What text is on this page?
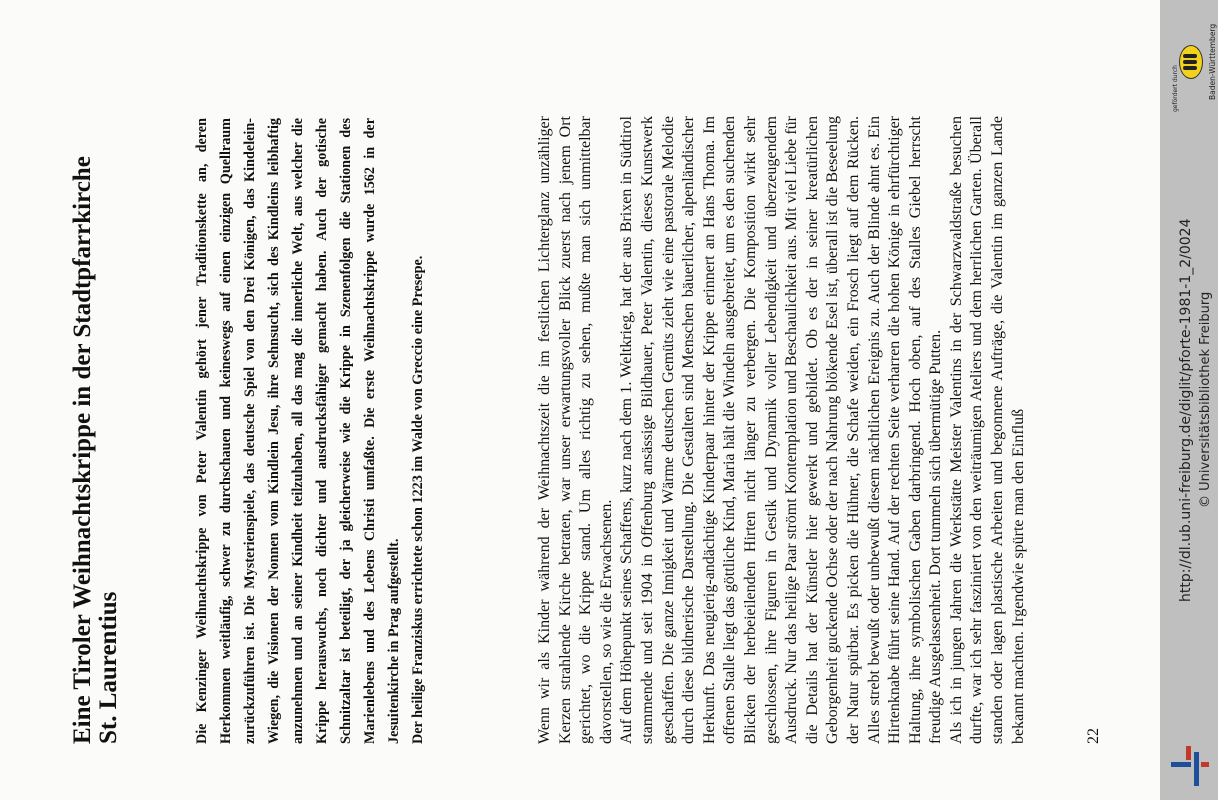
Eine Tiroler Weihnachtskrippe in der Stadtpfarrkirche
St. Laurentius	Die Kenzinger Weihnachtskrippe von Peter Valentin gehört jener Traditionskette an, deren Herkommen weitläufig, schwer zu durchschauen und keineswegs auf einen einzigen Quellraum zurückzuführen ist. Die Mysterienspiele, das deutsche Spiel von den Drei Königen, das Kindelein-Wiegen, die Visionen der Nonnen vom Kindlein Jesu, ihre Sehnsucht, sich des Kindleins leibhaftig anzunehmen und an seiner Kindheit teilzuhaben, all das mag die innerliche Welt, aus welcher die Krippe herauswuchs, noch dichter und ausdrucksfähiger gemacht haben. Auch der gotische Schnitzaltar ist beteiligt, der ja gleicherweise wie die Krippe in Szenenfolgen die Stationen des Marienlebens und des Lebens Christi umfaßte. Die erste Weihnachtskrippe wurde 1562 in der Jesuitenkirche in Prag aufgestellt. Der heilige Franziskus errichtete schon 1223 im Walde von Greccio eine Presepe.	Wenn wir als Kinder während der Weihnachtszeit die im festlichen Lichterglanz unzähliger Kerzen strahlende Kirche betraten, war unser erwartungsvoller Blick zuerst nach jenem Ort gerichtet, wo die Krippe stand. Um alles richtig zu sehen, mußte man sich unmittelbar davorstellen, so wie die Erwachsenen. Auf dem Höhepunkt seines Schaffens, kurz nach dem 1. Weltkrieg, hat der aus Brixen in Südtirol stammende und seit 1904 in Offenburg ansässige Bildhauer, Peter Valentin, dieses Kunstwerk geschaffen. Die ganze Innigkeit und Wärme deutschen Gemüts zieht wie eine pastorale Melodie durch diese bildnerische Darstellung. Die Gestalten sind Menschen bäuerlicher, alpenländischer Herkunft. Das neugierig-andächtige Kinderpaar hinter der Krippe erinnert an Hans Thoma. Im offenen Stalle liegt das göttliche Kind, Maria hält die Windeln ausgebreitet, um es den suchenden Blicken der herbeieilenden Hirten nicht länger zu verbergen. Die Komposition wirkt sehr geschlossen, ihre Figuren in Gestik und Dynamik voller Lebendigkeit und überzeugendem Ausdruck. Nur das heilige Paar strömt Kontemplation und Beschaulichkeit aus. Mit viel Liebe für die Details hat der Künstler hier gewerkt und gebildet. Ob es der in seiner kreatürlichen Geborgenheit guckende Ochse oder der nach Nahrung blökende Esel ist, überall ist die Beseelung der Natur spürbar. Es picken die Hühner, die Schafe weiden, ein Frosch liegt auf dem Rücken. Alles strebt bewußt oder unbewußt diesem nächtlichen Ereignis zu. Auch der Blinde ahnt es. Ein Hirtenknabe führt seine Hand. Auf der rechten Seite verharren die hohen Könige in ehrfürchtiger Haltung, ihre symbolischen Gaben darbringend. Hoch oben, auf des Stalles Giebel herrscht freudige Ausgelassenheit. Dort tummeln sich übermütige Putten. Als ich in jungen Jahren die Werkstätte Meister Valentins in der Schwarzwaldstraße besuchen durfte, war ich sehr fasziniert von den weiträumigen Ateliers und dem herrlichen Garten. Überall standen oder lagen plastische Arbeiten und begonnene Aufträge, die Valentin im ganzen Lande bekannt machten. Irgendwie spürte man den Einfluß	22
gefördert durch	Baden-Württemberg
http://dl.ub.uni-freiburg.de/diglit/pforte-1981-1_2/0024 © Universitätsbibliothek Freiburg
